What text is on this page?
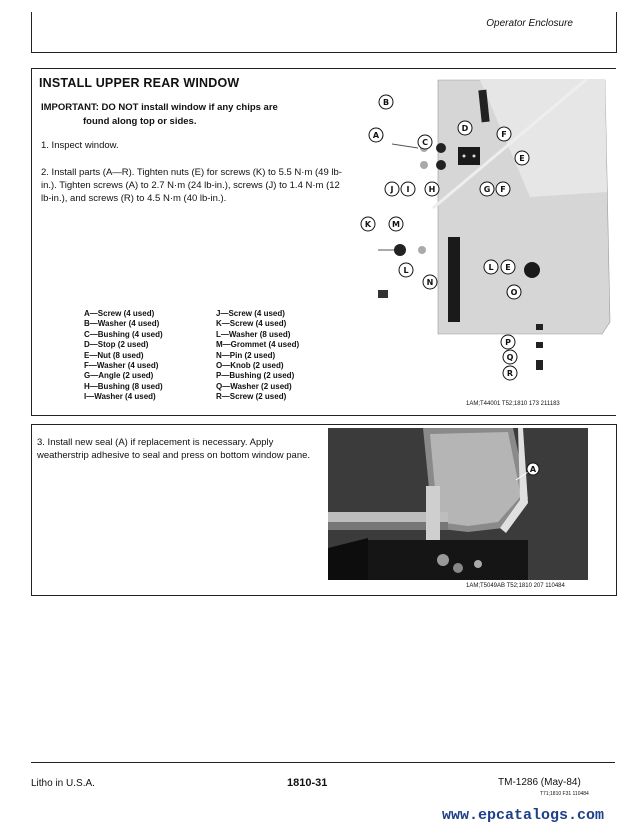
Operator Enclosure
INSTALL UPPER REAR WINDOW
IMPORTANT: DO NOT install window if any chips are
found along top or sides.
1. Inspect window.
2. Install parts (A—R). Tighten nuts (E) for screws (K) to 5.5 N·m (49 lb-in.). Tighten screws (A) to 2.7 N·m (24 lb-in.), screws (J) to 1.4 N·m (12 lb-in.), and screws (R) to 4.5 N·m (40 lb-in.).
A—Screw (4 used)	J—Screw (4 used)
B—Washer (4 used)	K—Screw (4 used)
C—Bushing (4 used)	L—Washer (8 used)
D—Stop (2 used)	M—Grommet (4 used)
E—Nut (8 used)	N—Pin (2 used)
F—Washer (4 used)	O—Knob (2 used)
G—Angle (2 used)	P—Bushing (2 used)
H—Bushing (8 used)	Q—Washer (2 used)
I—Washer (4 used)	R—Screw (2 used)
B
A
C
D
F
E
J I H	G F
K	M
L
N
L E
O
P
Q
R
1AM;T44001 T52;1810 173 211183
3. Install new seal (A) if replacement is necessary. Apply weatherstrip adhesive to seal and press on bottom window pane.
A
1AM;T5049AB T52;1810 207 110484
Litho in U.S.A.	1810-31	TM-1286 (May-84)
T71;1810 F31 110484
www.epcatalogs.com
